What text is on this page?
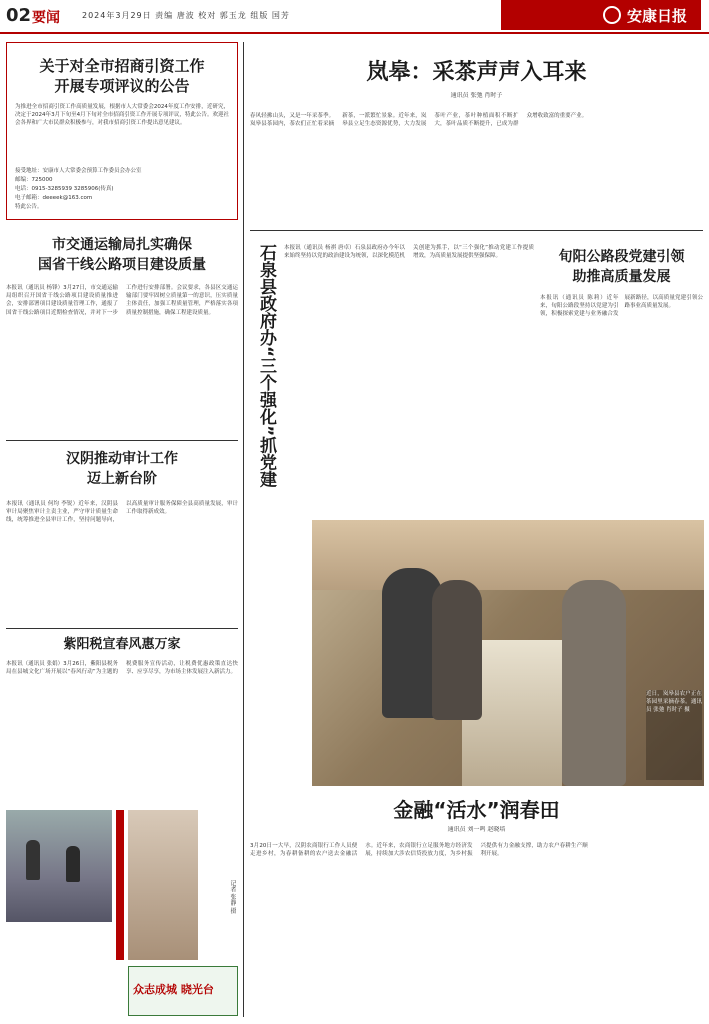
02 要闻	2024年3月29日 责编 唐波 校对 郭玉龙 组版 国芳	安康日报
关于对全市招商引资工作
开展专项评议的公告
为推进全市招商引资工作高质量发展，根据市人大常委会2024年度工作安排，近研究，决定于2024年3月下旬至4月下旬对全市招商引资工作开展专项评议，特此公告。欢迎社会各界和广大市民群众积极参与，对我市招商引资工作提出意见建议。
接受地址：安康市人大常委会预算工作委员会办公室
邮编：725000
电话：0915-3285939 3285906(传真)
电子邮箱：deeeek@163.com
特此公告。
市交通运输局扎实确保
国省干线公路项目建设质量
本报讯（通讯员 杨锋）3月27日，市交通运输局组织召开国省干线公路项目建设质量推进会，安排部署项目建设质量管理工作，通报了国省干线公路项目近期检查情况，并对下一步工作进行安排部署。会议要求，各县区交通运输部门要牢固树立质量第一的意识，压实质量主体责任，加强工程质量管理，严格落实各项质量控制措施，确保工程建设质量。
汉阴推动审计工作
迈上新台阶
本报讯（通讯员 何均 李锐）近年来，汉阴县审计局聚焦审计主责主业，严守审计质量生命线，统筹推进全县审计工作，坚持问题导向，以高质量审计服务保障全县高质量发展，审计工作取得新成效。
紫阳税宣春风惠万家
本报讯（通讯员 张娟）3月26日，紫阳县税务局在县城文化广场开展以“春风行动”为主题的税费服务宣传活动，让税费优惠政策直达快享、应享尽享，为市场主体发展注入新活力。
记者 张静 摄
众志成城 晓光台
岚皋：采茶声声入耳来
通讯员 张弛 肖时子
春风轻拂山头，又是一年采茶季。岚皋县茶园内，茶农们正忙着采摘新茶，一派繁忙景象。近年来，岚皋县立足生态资源优势，大力发展茶叶产业，茶叶种植面积不断扩大，茶叶品质不断提升，已成为群众增收致富的重要产业。
石泉县政府办“三个强化”抓党建	本报讯（通讯员 杨祺 唐卓）石泉县政府办今年以来始终坚持以党的政治建设为统领，以深化模范机关创建为抓手，以“三个强化”推动党建工作提质增效，为高质量发展提供坚强保障。	旬阳公路段党建引领
助推高质量发展
本报讯（通讯员 陈莉）近年来，旬阳公路段坚持以党建为引领，积极探索党建与业务融合发展新路径，以高质量党建引领公路事业高质量发展。
近日，岚皋县农户正在茶园里采摘春茶。通讯员 张弛 肖时子 摄
金融“活水”润春田
通讯员 刘一鸣 赵晓培
3月20日一大早，汉阴农商银行工作人员便走进乡村，为春耕备耕的农户送去金融活水。近年来，农商银行立足服务地方经济发展，持续加大涉农信贷投放力度，为乡村振兴提供有力金融支撑，助力农户春耕生产顺利开展。
